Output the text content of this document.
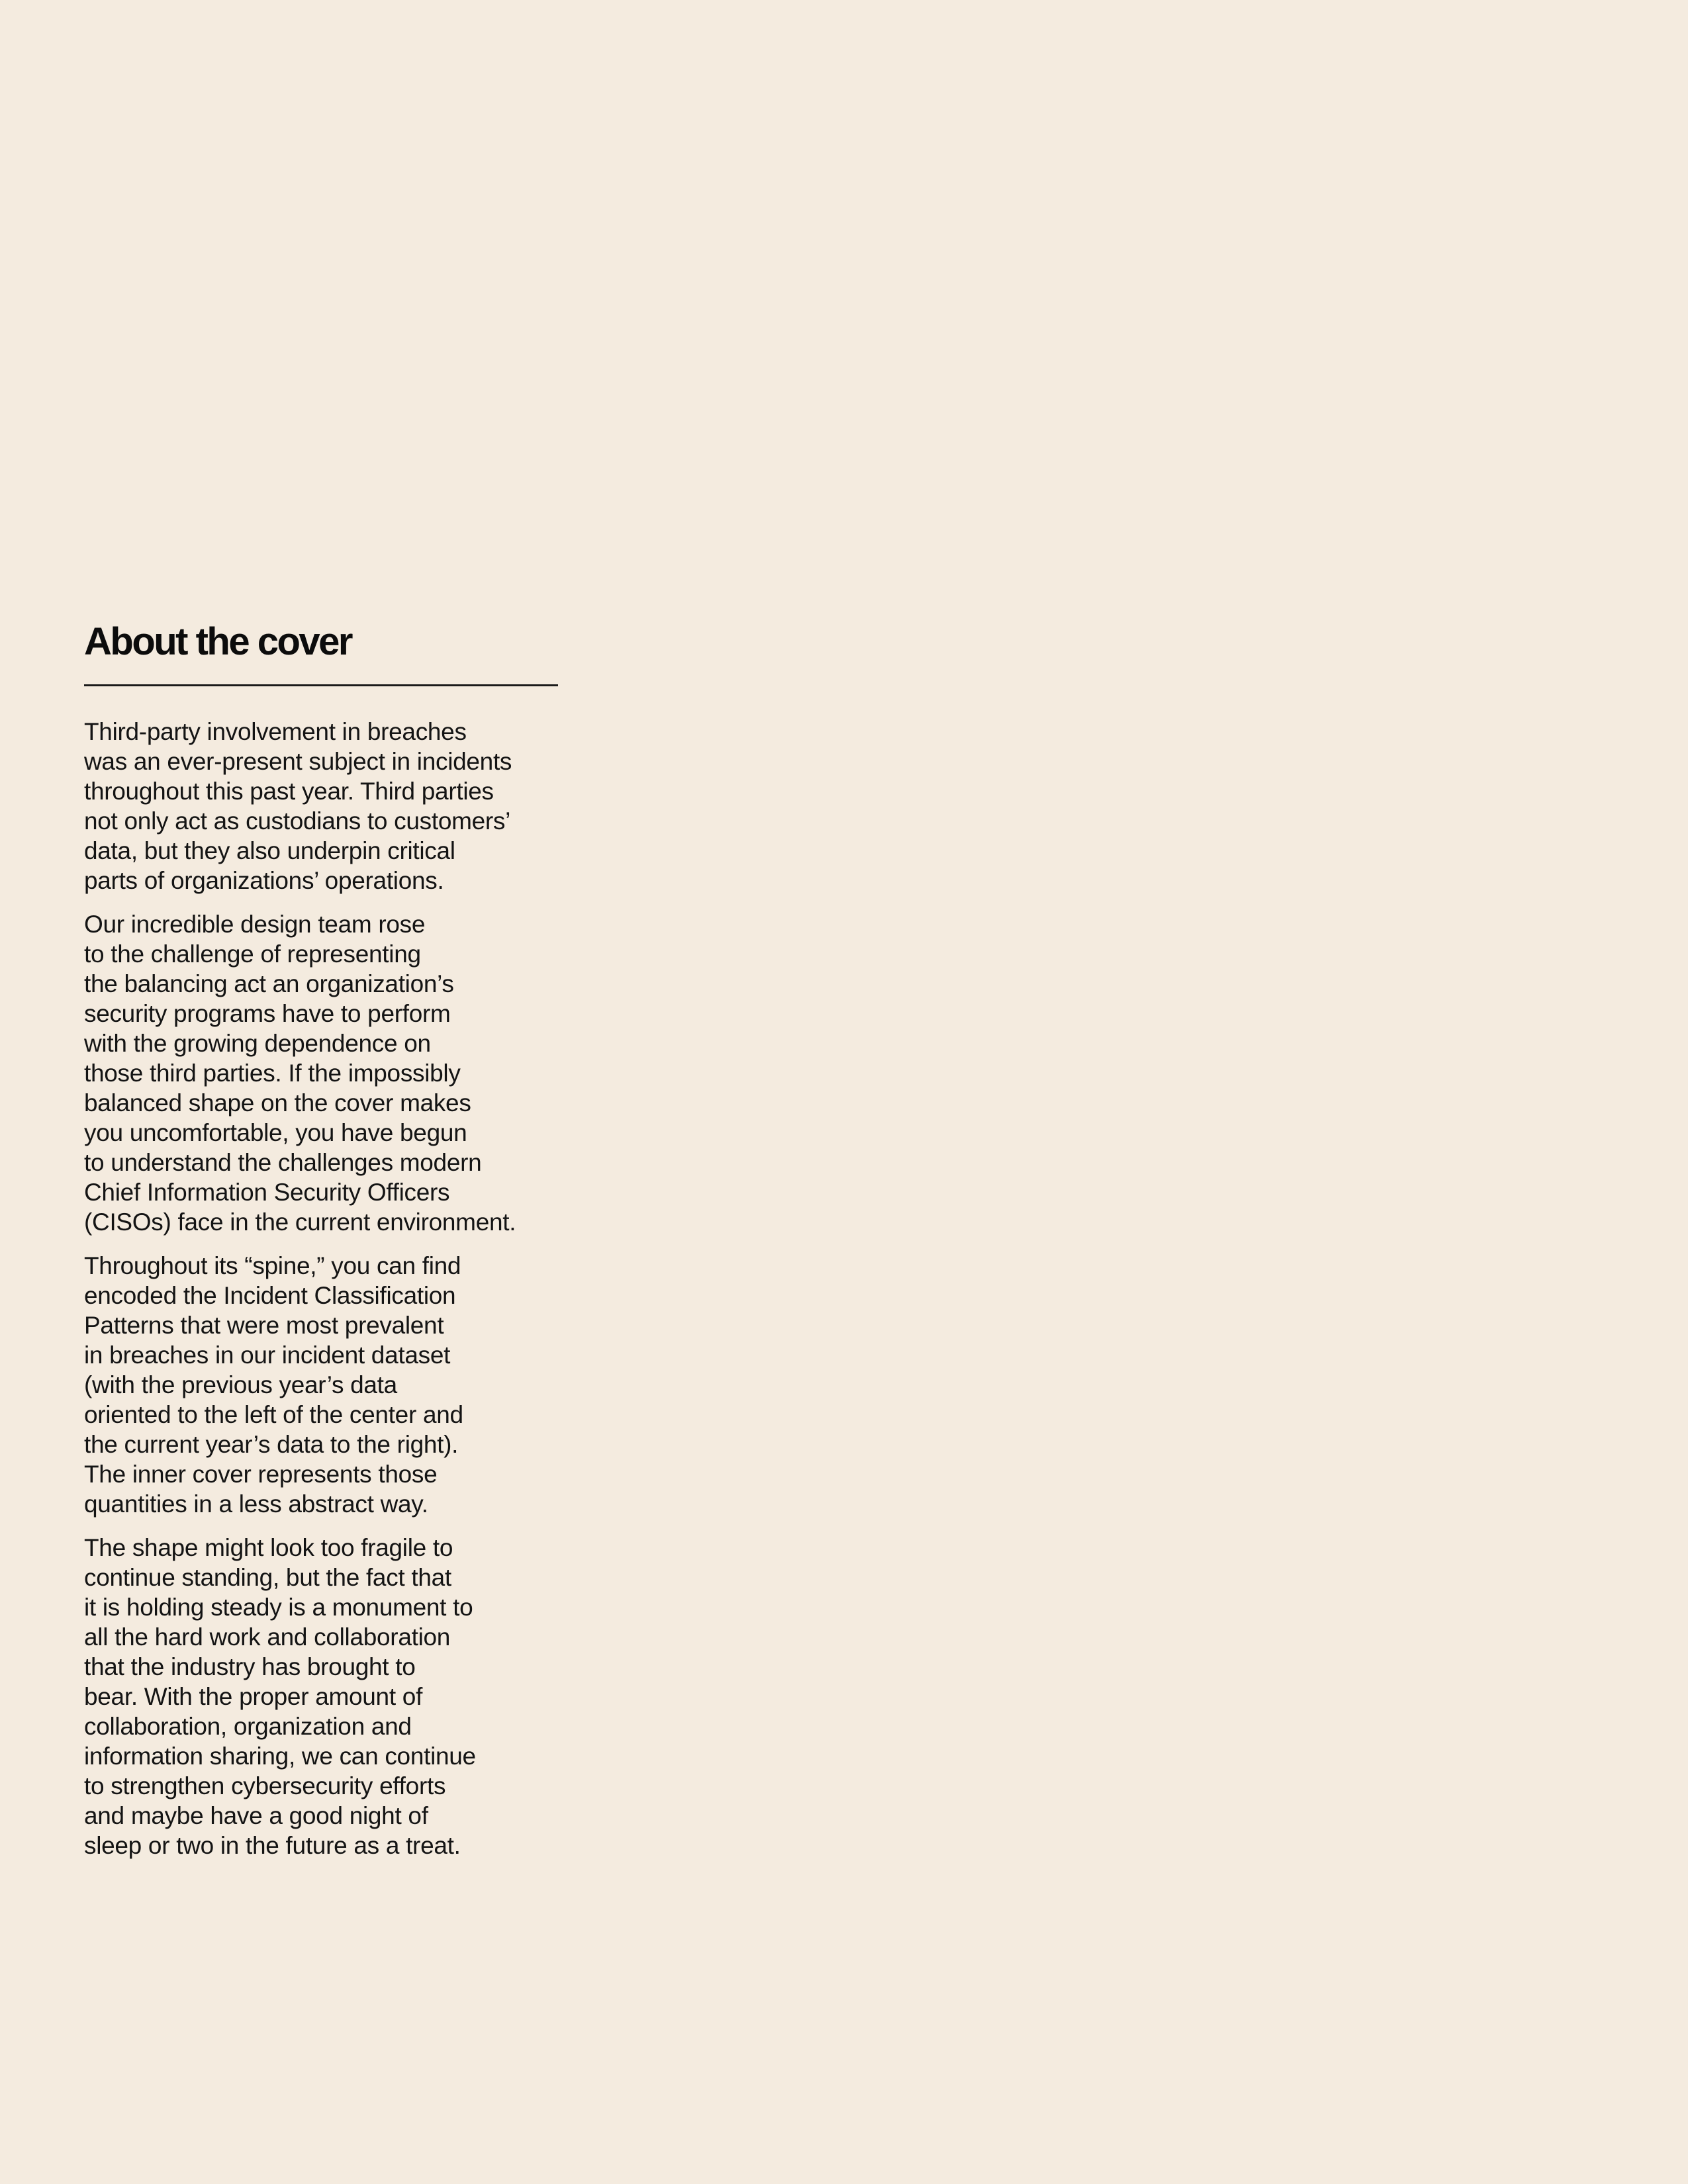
About the cover

Third-party involvement in breaches
was an ever-present subject in incidents
throughout this past year. Third parties
not only act as custodians to customers’
data, but they also underpin critical
parts of organizations’ operations.

Our incredible design team rose
to the challenge of representing
the balancing act an organization’s
security programs have to perform
with the growing dependence on
those third parties. If the impossibly
balanced shape on the cover makes
you uncomfortable, you have begun
to understand the challenges modern
Chief Information Security Officers
(CISOs) face in the current environment.

Throughout its “spine,” you can find
encoded the Incident Classification
Patterns that were most prevalent
in breaches in our incident dataset
(with the previous year’s data
oriented to the left of the center and
the current year’s data to the right).
The inner cover represents those
quantities in a less abstract way.

The shape might look too fragile to
continue standing, but the fact that
it is holding steady is a monument to
all the hard work and collaboration
that the industry has brought to
bear. With the proper amount of
collaboration, organization and
information sharing, we can continue
to strengthen cybersecurity efforts
and maybe have a good night of
sleep or two in the future as a treat.
